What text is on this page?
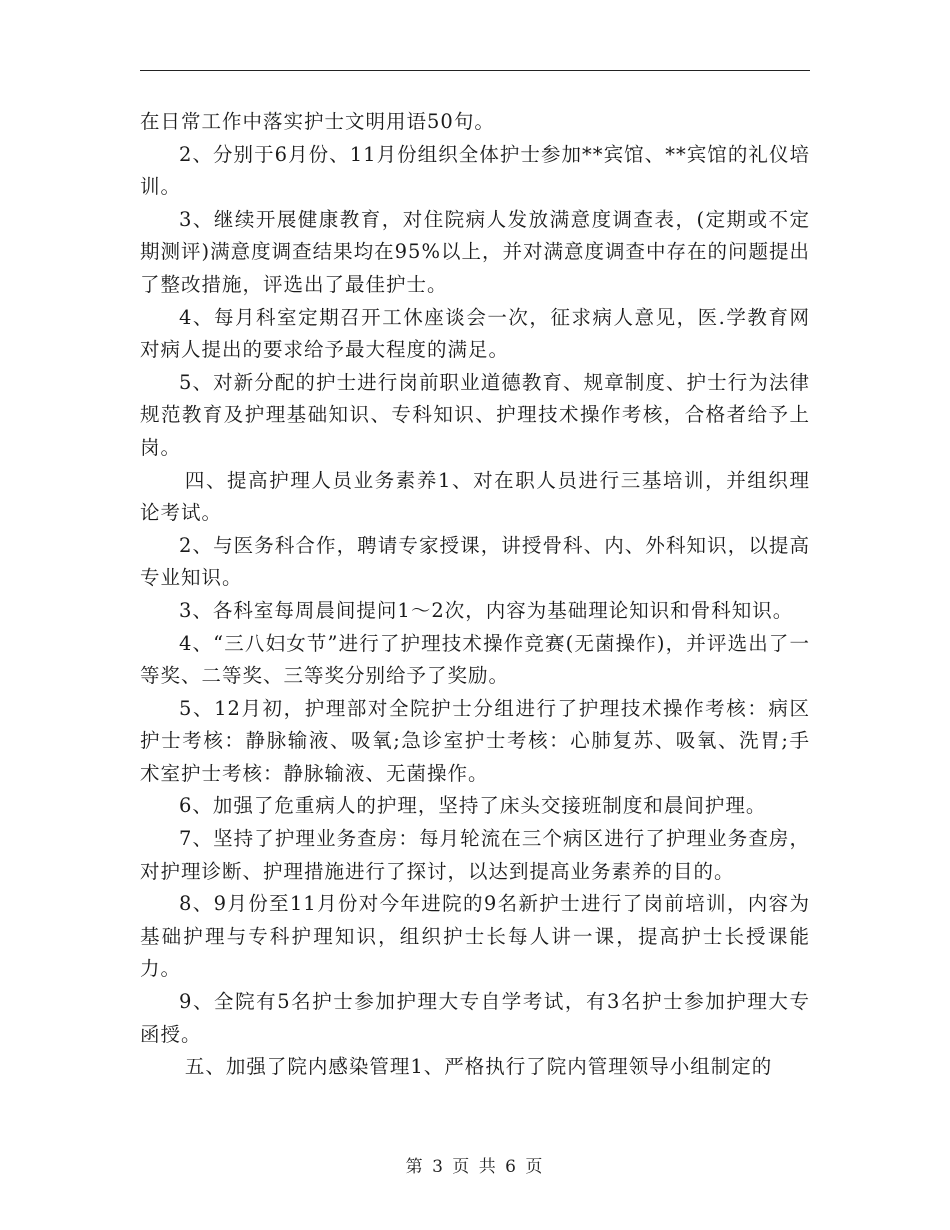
在日常工作中落实护士文明用语50句。

2、分别于6月份、11月份组织全体护士参加**宾馆、**宾馆的礼仪培训。

3、继续开展健康教育，对住院病人发放满意度调查表，(定期或不定期测评)满意度调查结果均在95%以上，并对满意度调查中存在的问题提出了整改措施，评选出了最佳护士。

4、每月科室定期召开工休座谈会一次，征求病人意见，医.学教育网对病人提出的要求给予最大程度的满足。

5、对新分配的护士进行岗前职业道德教育、规章制度、护士行为法律规范教育及护理基础知识、专科知识、护理技术操作考核，合格者给予上岗。

四、提高护理人员业务素养1、对在职人员进行三基培训，并组织理论考试。

2、与医务科合作，聘请专家授课，讲授骨科、内、外科知识，以提高专业知识。

3、各科室每周晨间提问1～2次，内容为基础理论知识和骨科知识。

4、“三八妇女节”进行了护理技术操作竞赛(无菌操作)，并评选出了一等奖、二等奖、三等奖分别给予了奖励。

5、12月初，护理部对全院护士分组进行了护理技术操作考核：病区护士考核：静脉输液、吸氧;急诊室护士考核：心肺复苏、吸氧、洗胃;手术室护士考核：静脉输液、无菌操作。

6、加强了危重病人的护理，坚持了床头交接班制度和晨间护理。

7、坚持了护理业务查房：每月轮流在三个病区进行了护理业务查房，对护理诊断、护理措施进行了探讨，以达到提高业务素养的目的。

8、9月份至11月份对今年进院的9名新护士进行了岗前培训，内容为基础护理与专科护理知识，组织护士长每人讲一课，提高护士长授课能力。

9、全院有5名护士参加护理大专自学考试，有3名护士参加护理大专函授。

五、加强了院内感染管理1、严格执行了院内管理领导小组制定的

第 3 页 共 6 页
